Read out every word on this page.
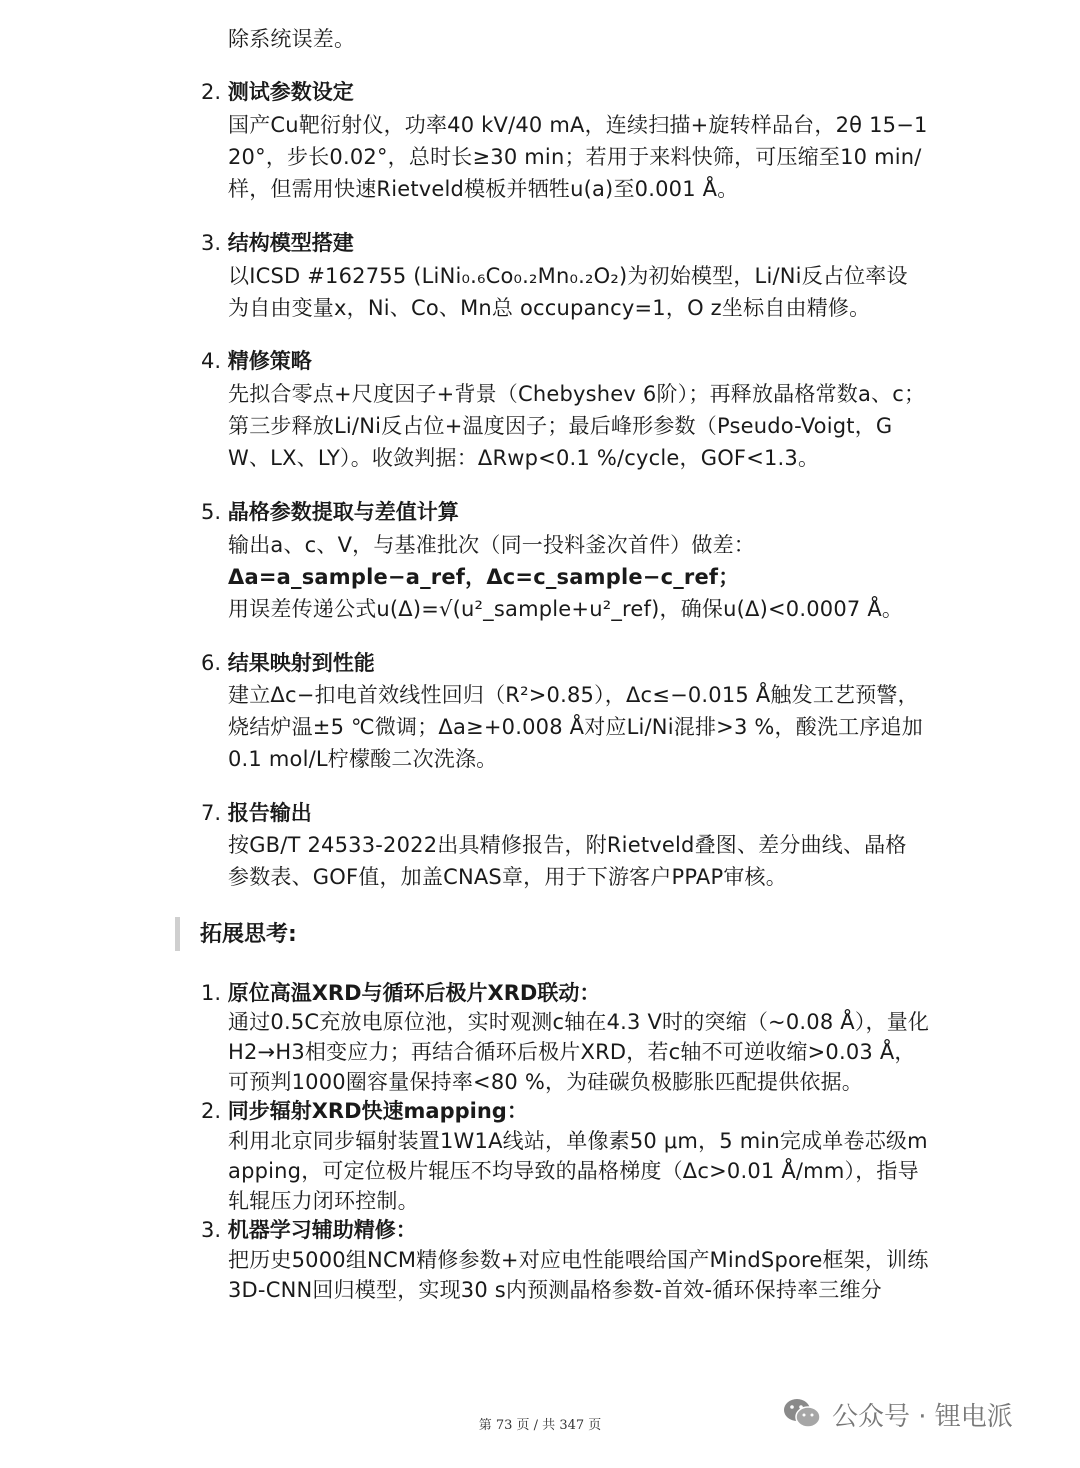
除系统误差。
2. 测试参数设定
国产Cu靶衍射仪，功率40 kV/40 mA，连续扫描+旋转样品台，2θ 15−1
20°，步长0.02°，总时长≥30 min；若用于来料快筛，可压缩至10 min/
样，但需用快速Rietveld模板并牺牲u(a)至0.001 Å。
3. 结构模型搭建
以ICSD #162755 (LiNi₀.₆Co₀.₂Mn₀.₂O₂)为初始模型，Li/Ni反占位率设
为自由变量x，Ni、Co、Mn总 occupancy=1，O z坐标自由精修。
4. 精修策略
先拟合零点+尺度因子+背景（Chebyshev 6阶）；再释放晶格常数a、c；
第三步释放Li/Ni反占位+温度因子；最后峰形参数（Pseudo-Voigt，G
W、LX、LY）。收敛判据：ΔRwp<0.1 %/cycle，GOF<1.3。
5. 晶格参数提取与差值计算
输出a、c、V，与基准批次（同一投料釜次首件）做差：
Δa=a_sample−a_ref，Δc=c_sample−c_ref；
用误差传递公式u(Δ)=√(u²_sample+u²_ref)，确保u(Δ)<0.0007 Å。
6. 结果映射到性能
建立Δc−扣电首效线性回归（R²>0.85），Δc≤−0.015 Å触发工艺预警，
烧结炉温±5 ℃微调；Δa≥+0.008 Å对应Li/Ni混排>3 %，酸洗工序追加
0.1 mol/L柠檬酸二次洗涤。
7. 报告输出
按GB/T 24533-2022出具精修报告，附Rietveld叠图、差分曲线、晶格
参数表、GOF值，加盖CNAS章，用于下游客户PPAP审核。
拓展思考:
1. 原位高温XRD与循环后极片XRD联动：
通过0.5C充放电原位池，实时观测c轴在4.3 V时的突缩（~0.08 Å），量化
H2→H3相变应力；再结合循环后极片XRD，若c轴不可逆收缩>0.03 Å，
可预判1000圈容量保持率<80 %，为硅碳负极膨胀匹配提供依据。
2. 同步辐射XRD快速mapping：
利用北京同步辐射装置1W1A线站，单像素50 μm，5 min完成单卷芯级m
apping，可定位极片辊压不均导致的晶格梯度（Δc>0.01 Å/mm），指导
轧辊压力闭环控制。
3. 机器学习辅助精修：
把历史5000组NCM精修参数+对应电性能喂给国产MindSpore框架，训练
3D-CNN回归模型，实现30 s内预测晶格参数-首效-循环保持率三维分
第 73 页 / 共 347 页	公众号 · 锂电派
